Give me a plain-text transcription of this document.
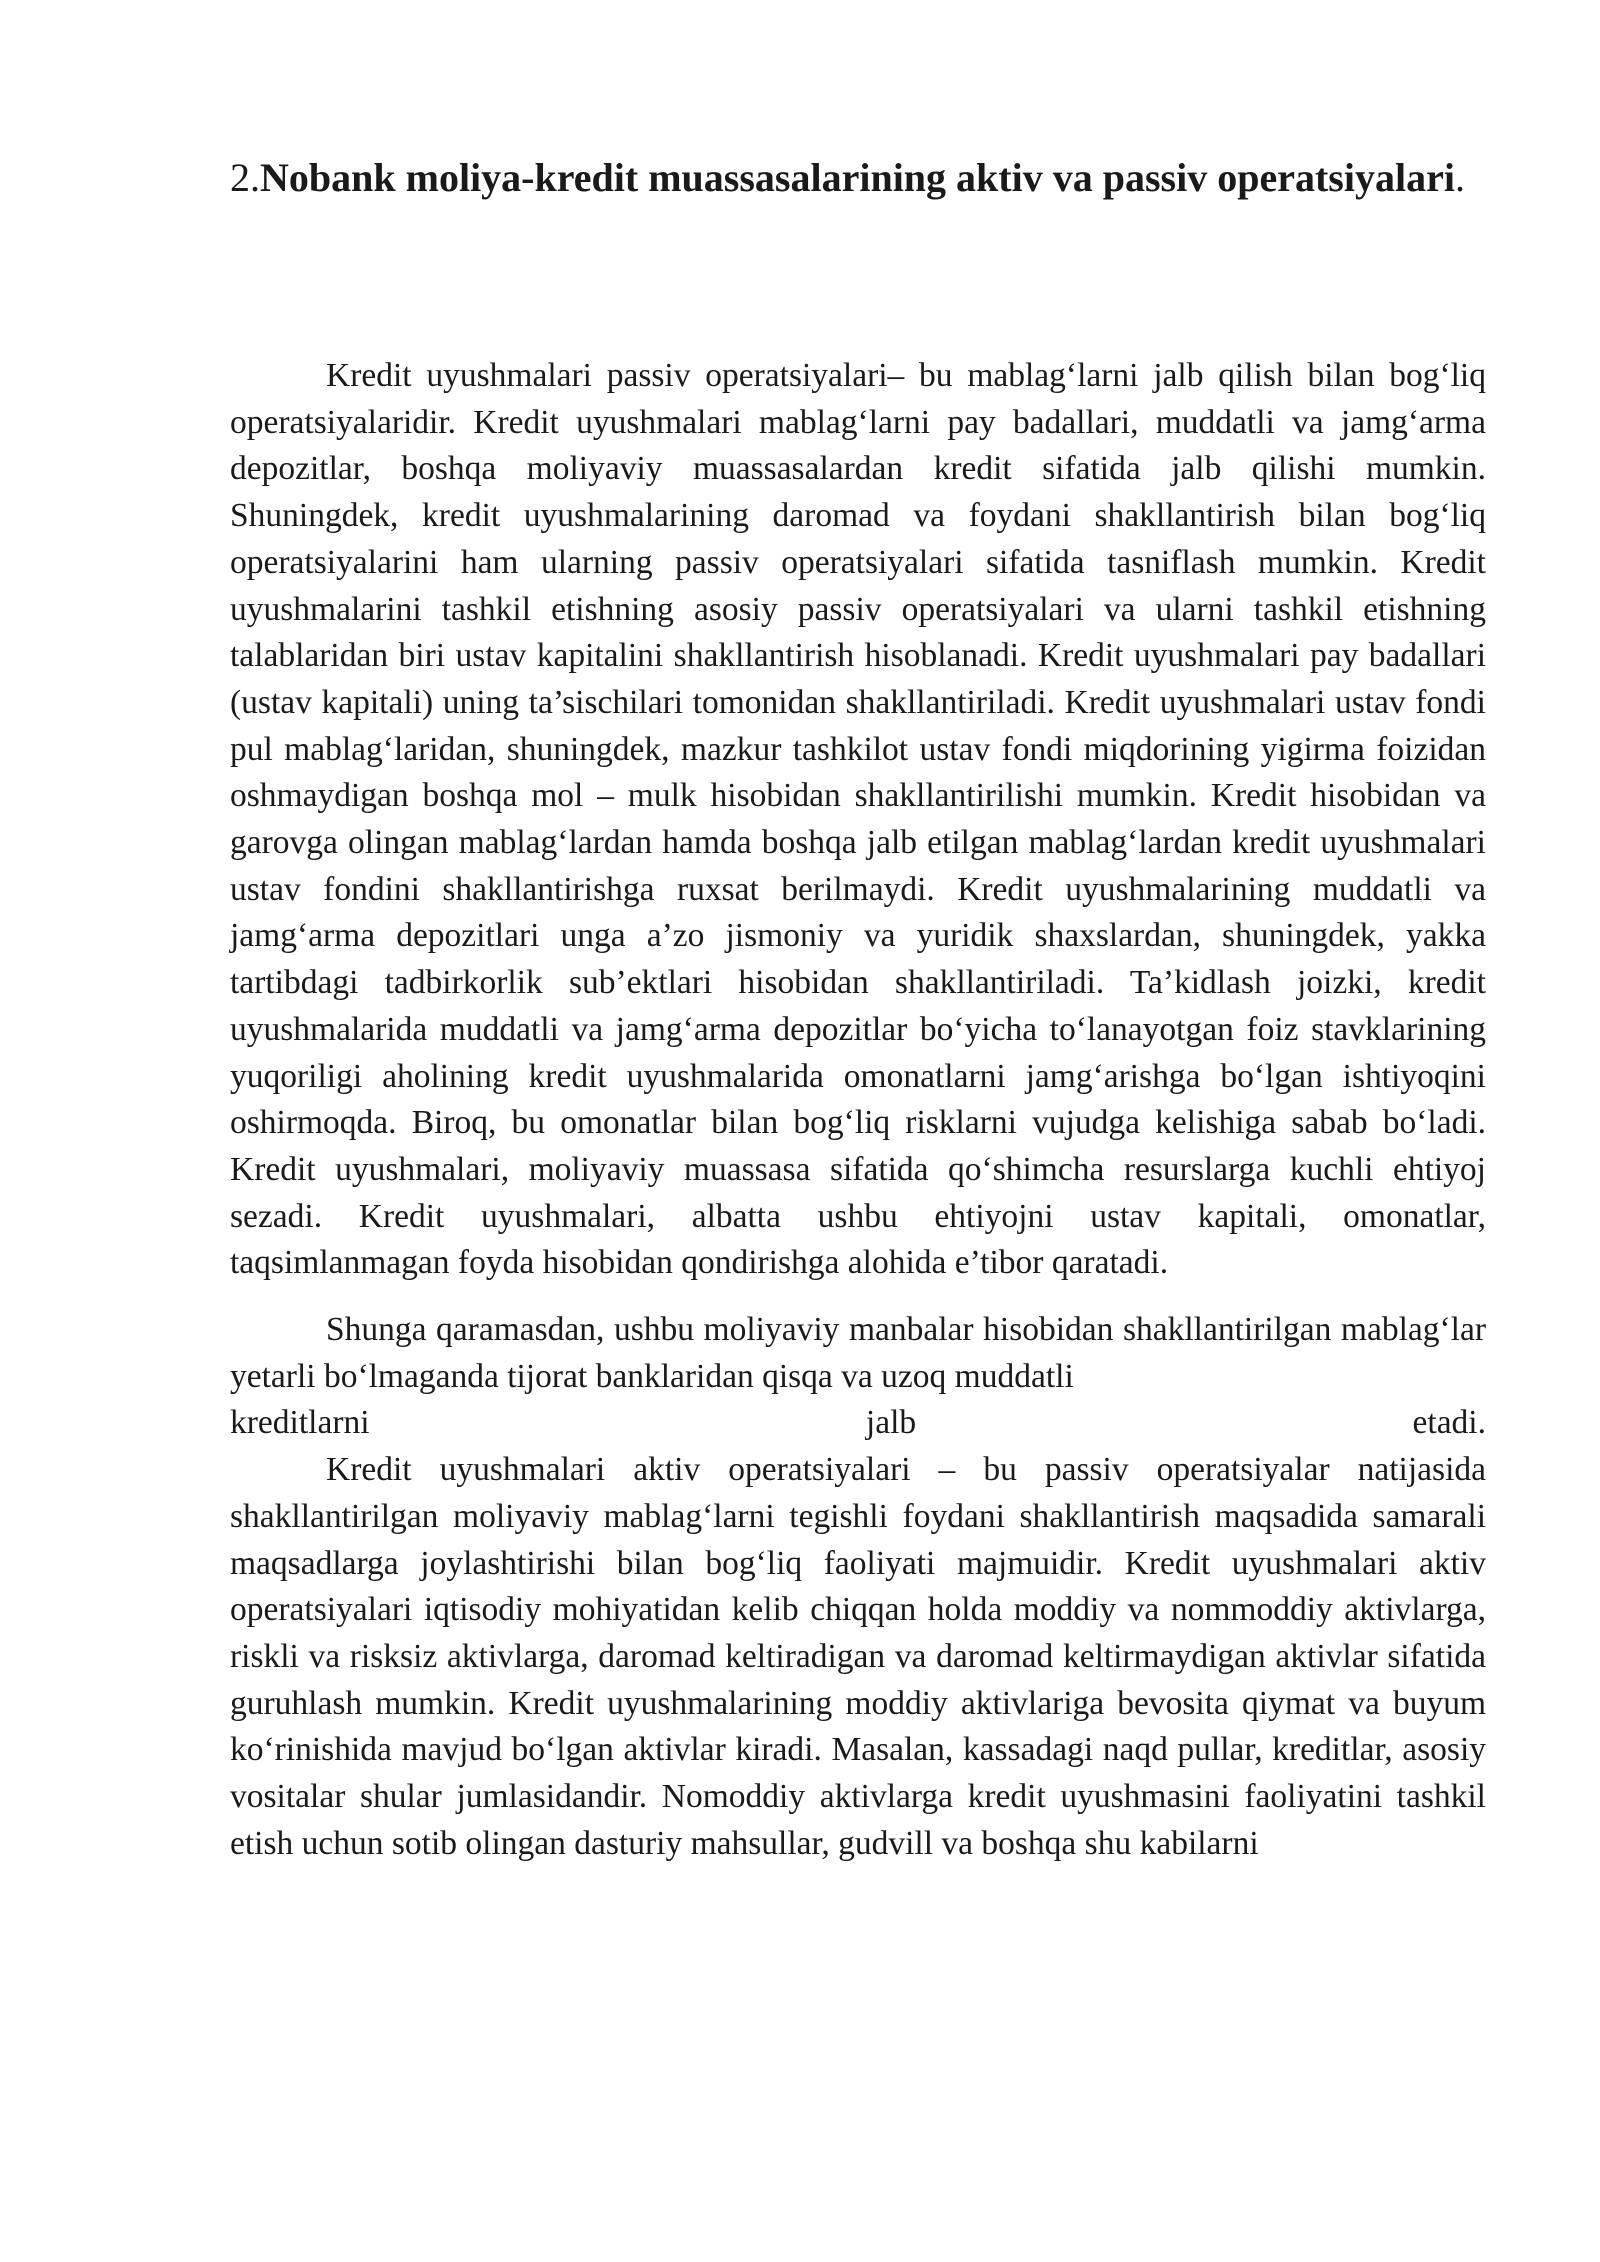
2.Nobank moliya-kredit muassasalarining aktiv va passiv operatsiyalari.

Kredit uyushmalari passiv operatsiyalari– bu mablag‘larni jalb qilish bilan bog‘liq operatsiyalaridir. Kredit uyushmalari mablag‘larni pay badallari, muddatli va jamg‘arma depozitlar, boshqa moliyaviy muassasalardan kredit sifatida jalb qilishi mumkin. Shuningdek, kredit uyushmalarining daromad va foydani shakllantirish bilan bog‘liq operatsiyalarini ham ularning passiv operatsiyalari sifatida tasniflash mumkin. Kredit uyushmalarini tashkil etishning asosiy passiv operatsiyalari va ularni tashkil etishning talablaridan biri ustav kapitalini shakllantirish hisoblanadi. Kredit uyushmalari pay badallari (ustav kapitali) uning ta’sischilari tomonidan shakllantiriladi. Kredit uyushmalari ustav fondi pul mablag‘laridan, shuningdek, mazkur tashkilot ustav fondi miqdorining yigirma foizidan oshmaydigan boshqa mol – mulk hisobidan shakllantirilishi mumkin. Kredit hisobidan va garovga olingan mablag‘lardan hamda boshqa jalb etilgan mablag‘lardan kredit uyushmalari ustav fondini shakllantirishga ruxsat berilmaydi. Kredit uyushmalarining muddatli va jamg‘arma depozitlari unga a’zo jismoniy va yuridik shaxslardan, shuningdek, yakka tartibdagi tadbirkorlik sub’ektlari hisobidan shakllantiriladi. Ta’kidlash joizki, kredit uyushmalarida muddatli va jamg‘arma depozitlar bo‘yicha to‘lanayotgan foiz stavklarining yuqoriligi aholining kredit uyushmalarida omonatlarni jamg‘arishga bo‘lgan ishtiyoqini oshirmoqda. Biroq, bu omonatlar bilan bog‘liq risklarni vujudga kelishiga sabab bo‘ladi. Kredit uyushmalari, moliyaviy muassasa sifatida qo‘shimcha resurslarga kuchli ehtiyoj sezadi. Kredit uyushmalari, albatta ushbu ehtiyojni ustav kapitali, omonatlar, taqsimlanmagan foyda hisobidan qondirishga alohida e’tibor qaratadi.

Shunga qaramasdan, ushbu moliyaviy manbalar hisobidan shakllantirilgan mablag‘lar yetarli bo‘lmaganda tijorat banklaridan qisqa va uzoq muddatli

kreditlarni	jalb	etadi.

Kredit uyushmalari aktiv operatsiyalari – bu passiv operatsiyalar natijasida shakllantirilgan moliyaviy mablag‘larni tegishli foydani shakllantirish maqsadida samarali maqsadlarga joylashtirishi bilan bog‘liq faoliyati majmuidir. Kredit uyushmalari aktiv operatsiyalari iqtisodiy mohiyatidan kelib chiqqan holda moddiy va nommoddiy aktivlarga, riskli va risksiz aktivlarga, daromad keltiradigan va daromad keltirmaydigan aktivlar sifatida guruhlash mumkin. Kredit uyushmalarining moddiy aktivlariga bevosita qiymat va buyum ko‘rinishida mavjud bo‘lgan aktivlar kiradi. Masalan, kassadagi naqd pullar, kreditlar, asosiy vositalar shular jumlasidandir. Nomoddiy aktivlarga kredit uyushmasini faoliyatini tashkil etish uchun sotib olingan dasturiy mahsullar, gudvill va boshqa shu kabilarni
